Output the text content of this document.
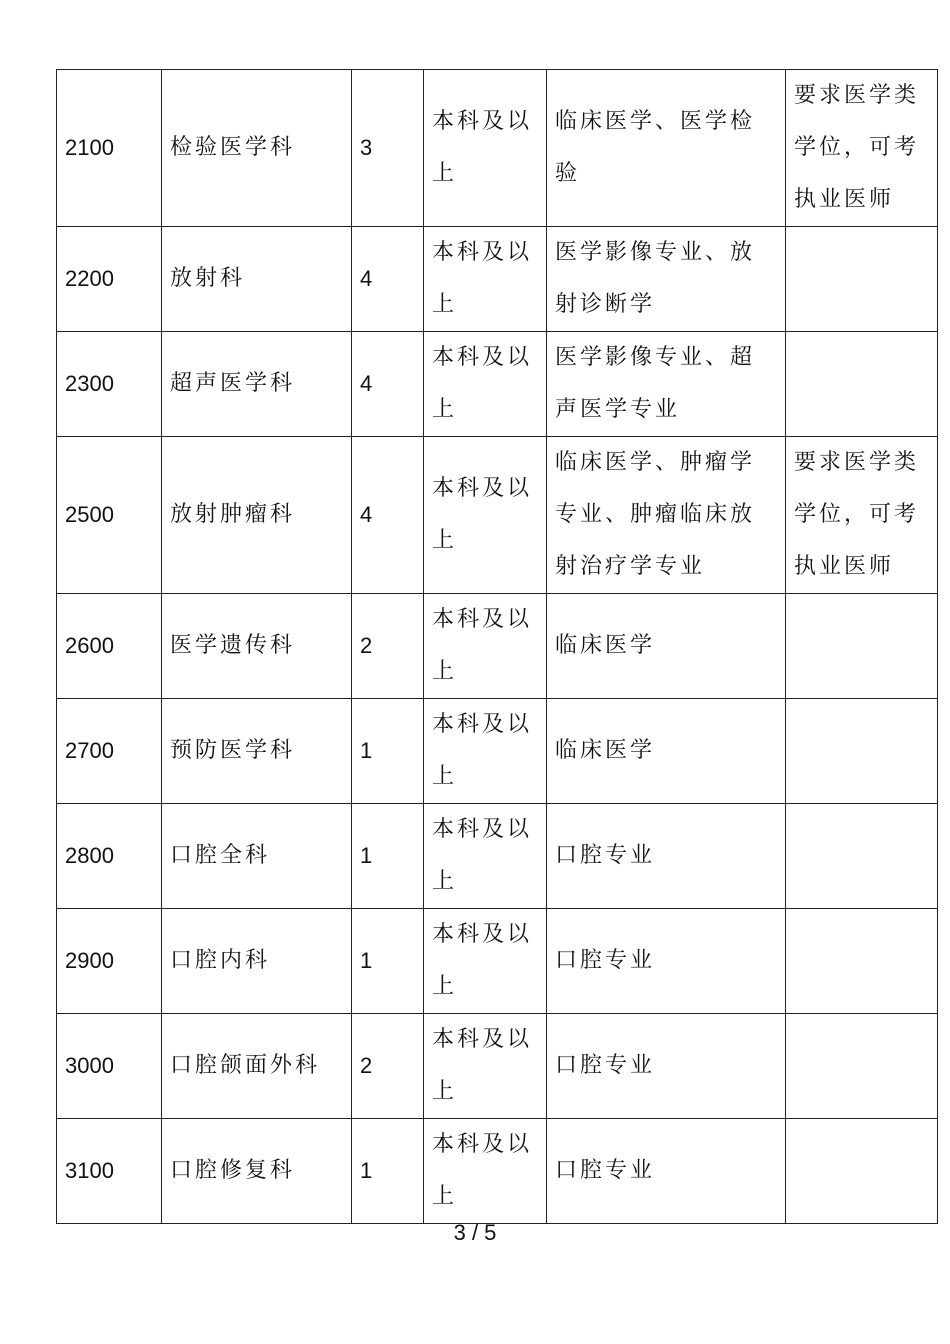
2100	检验医学科	3	本科及以上	临床医学、医学检验	要求医学类学位，可考执业医师
2200	放射科	4	本科及以上	医学影像专业、放射诊断学	
2300	超声医学科	4	本科及以上	医学影像专业、超声医学专业	
2500	放射肿瘤科	4	本科及以上	临床医学、肿瘤学专业、肿瘤临床放射治疗学专业	要求医学类学位，可考执业医师
2600	医学遗传科	2	本科及以上	临床医学	
2700	预防医学科	1	本科及以上	临床医学	
2800	口腔全科	1	本科及以上	口腔专业	
2900	口腔内科	1	本科及以上	口腔专业	
3000	口腔颌面外科	2	本科及以上	口腔专业	
3100	口腔修复科	1	本科及以上	口腔专业	
3 / 5
